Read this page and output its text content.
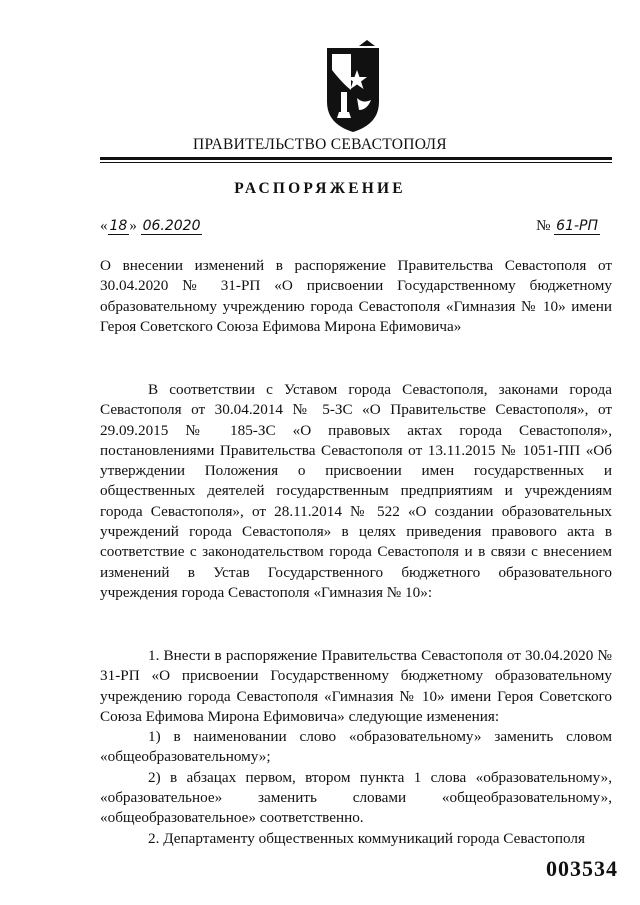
ПРАВИТЕЛЬСТВО СЕВАСТОПОЛЯ
РАСПОРЯЖЕНИЕ
« 18 » 06.2020	№ 61-РП
О внесении изменений в распоряжение Правительства Севастополя от 30.04.2020 № 31-РП «О присвоении Государственному бюджетному образовательному учреждению города Севастополя «Гимназия № 10» имени Героя Советского Союза Ефимова Мирона Ефимовича»

В соответствии с Уставом города Севастополя, законами города Севастополя от 30.04.2014 № 5-ЗС «О Правительстве Севастополя», от 29.09.2015 № 185-ЗС «О правовых актах города Севастополя», постановлениями Правительства Севастополя от 13.11.2015 № 1051-ПП «Об утверждении Положения о присвоении имен государственных и общественных деятелей государственным предприятиям и учреждениям города Севастополя», от 28.11.2014 № 522 «О создании образовательных учреждений города Севастополя» в целях приведения правового акта в соответствие с законодательством города Севастополя и в связи с внесением изменений в Устав Государственного бюджетного образовательного учреждения города Севастополя «Гимназия № 10»:

1. Внести в распоряжение Правительства Севастополя от 30.04.2020 № 31-РП «О присвоении Государственному бюджетному образовательному учреждению города Севастополя «Гимназия № 10» имени Героя Советского Союза Ефимова Мирона Ефимовича» следующие изменения:

1) в наименовании слово «образовательному» заменить словом «общеобразовательному»;

2) в абзацах первом, втором пункта 1 слова «образовательному», «образовательное» заменить словами «общеобразовательному», «общеобразовательное» соответственно.

2. Департаменту общественных коммуникаций города Севастополя

003534
